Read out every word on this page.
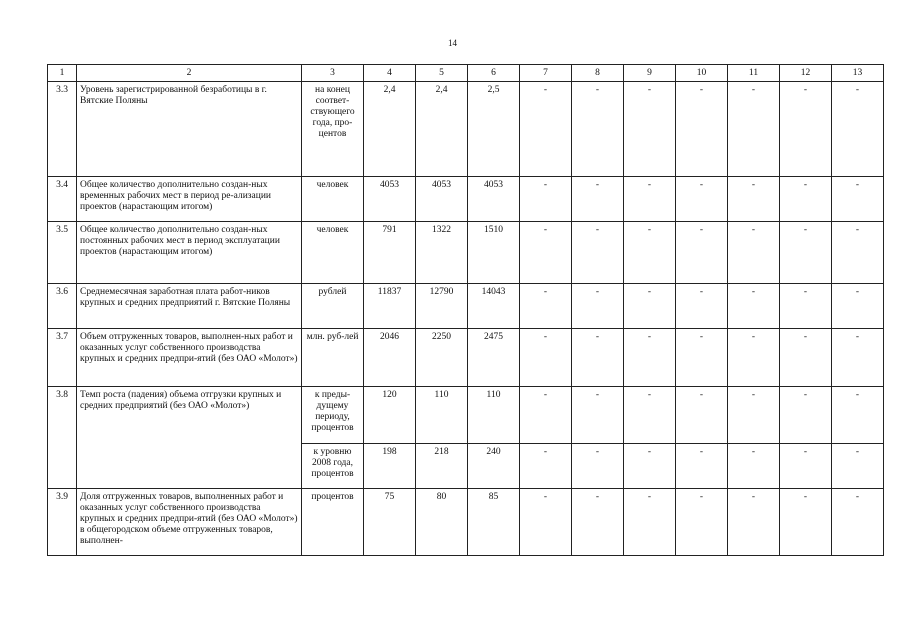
14
1	2	3	4	5	6	7	8	9	10	11	12	13
3.3	Уровень зарегистрированной безработицы в г. Вятские Поляны	на конец соответ-ствующего года, про-центов	2,4	2,4	2,5	-	-	-	-	-	-	-
3.4	Общее количество дополнительно создан-ных временных рабочих мест в период ре-ализации проектов (нарастающим итогом)	человек	4053	4053	4053	-	-	-	-	-	-	-
3.5	Общее количество дополнительно создан-ных постоянных рабочих мест в период эксплуатации проектов (нарастающим итогом)	человек	791	1322	1510	-	-	-	-	-	-	-
3.6	Среднемесячная заработная плата работ-ников крупных и средних предприятий г. Вятские Поляны	рублей	11837	12790	14043	-	-	-	-	-	-	-
3.7	Объем отгруженных товаров, выполнен-ных работ и оказанных услуг собственного производства крупных и средних предпри-ятий (без ОАО «Молот»)	млн. руб-лей	2046	2250	2475	-	-	-	-	-	-	-
3.8	Темп роста (падения) объема отгрузки крупных и средних предприятий (без ОАО «Молот»)	к преды-дущему периоду, процентов	120	110	110	-	-	-	-	-	-	-
		к уровню 2008 года, процентов	198	218	240	-	-	-	-	-	-	-
3.9	Доля отгруженных товаров, выполненных работ и оказанных услуг собственного производства крупных и средних предпри-ятий (без ОАО «Молот») в общегородском объеме отгруженных товаров, выполнен-	процентов	75	80	85	-	-	-	-	-	-	-
